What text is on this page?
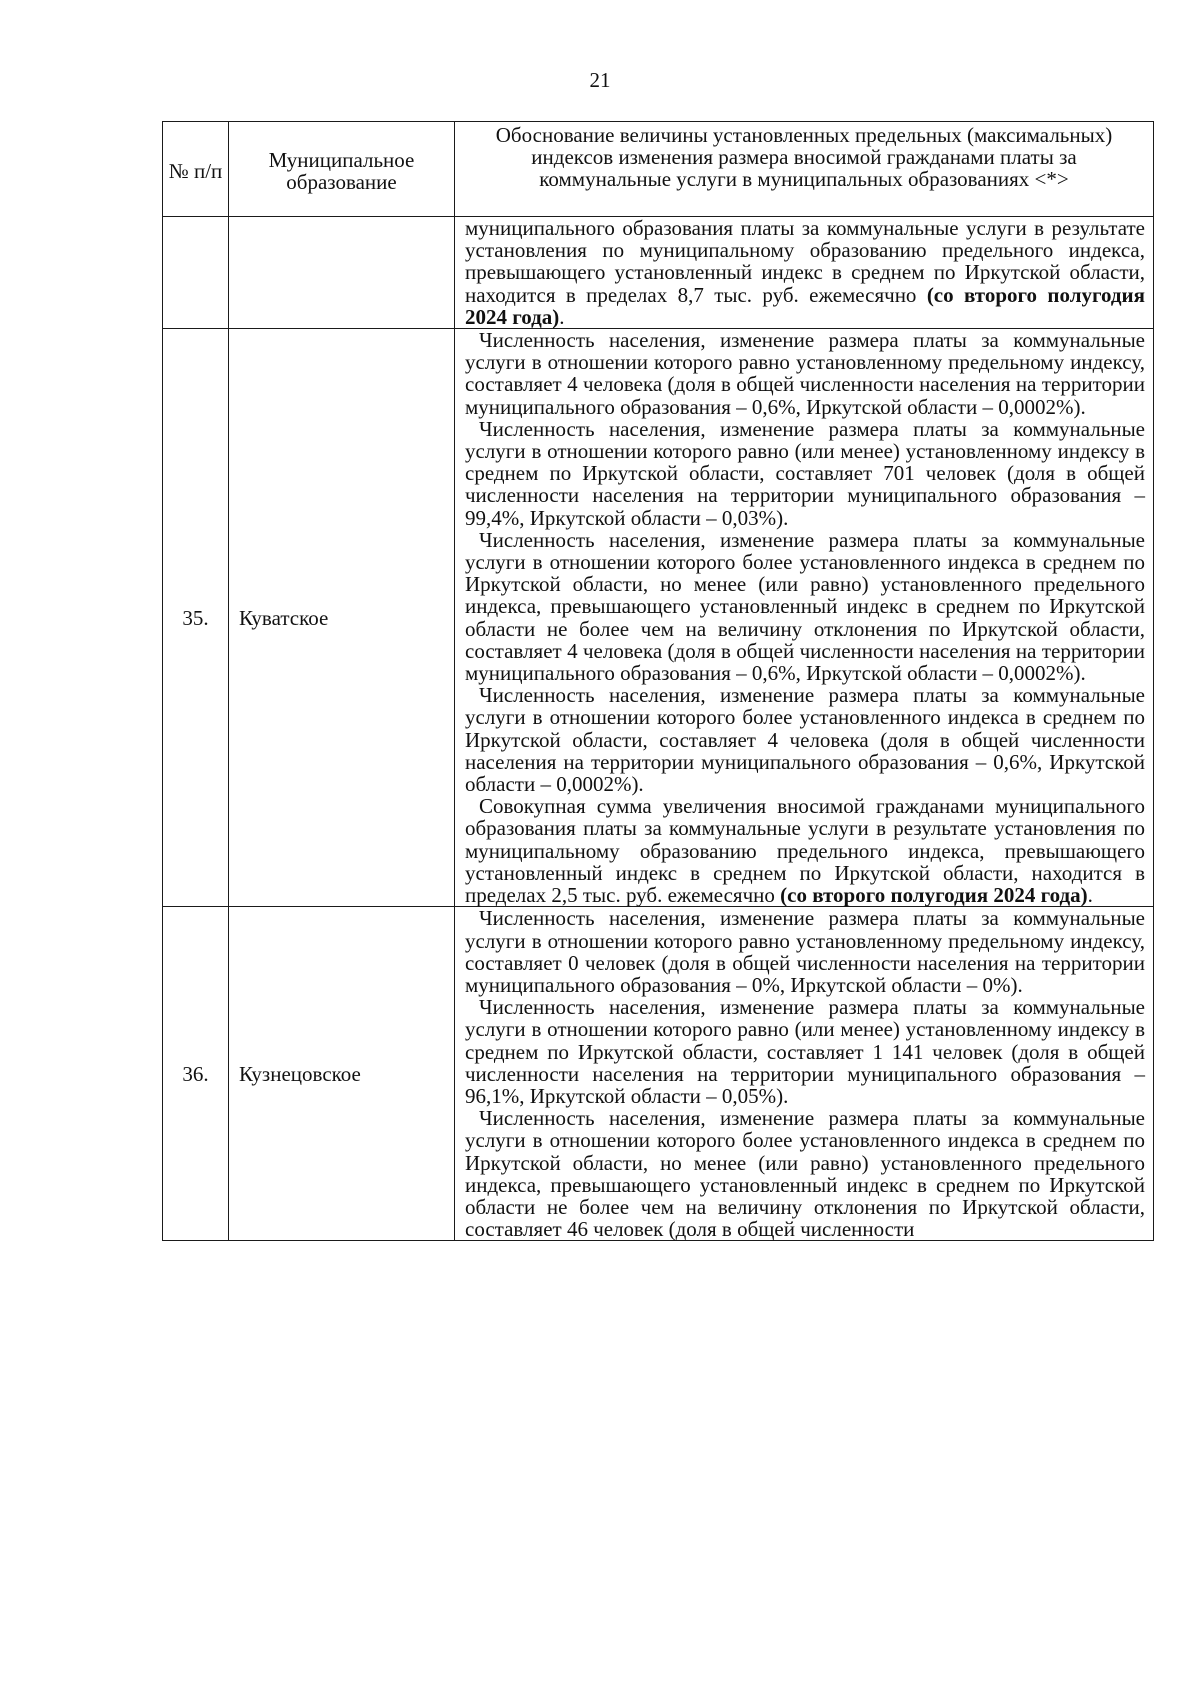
21
№ п/п	Муниципальное образование	Обоснование величины установленных предельных (максимальных) индексов изменения размера вносимой гражданами платы за коммунальные услуги в муниципальных образованиях <*>

		муниципального образования платы за коммунальные услуги в результате установления по муниципальному образованию предельного индекса, превышающего установленный индекс в среднем по Иркутской области, находится в пределах 8,7 тыс. руб. ежемесячно (со второго полугодия 2024 года).

35.	Куватское	Численность населения, изменение размера платы за коммунальные услуги в отношении которого равно установленному предельному индексу, составляет 4 человека (доля в общей численности населения на территории муниципального образования – 0,6%, Иркутской области – 0,0002%).

Численность населения, изменение размера платы за коммунальные услуги в отношении которого равно (или менее) установленному индексу в среднем по Иркутской области, составляет 701 человек (доля в общей численности населения на территории муниципального образования – 99,4%, Иркутской области – 0,03%).

Численность населения, изменение размера платы за коммунальные услуги в отношении которого более установленного индекса в среднем по Иркутской области, но менее (или равно) установленного предельного индекса, превышающего установленный индекс в среднем по Иркутской области не более чем на величину отклонения по Иркутской области, составляет 4 человека (доля в общей численности населения на территории муниципального образования – 0,6%, Иркутской области – 0,0002%).

Численность населения, изменение размера платы за коммунальные услуги в отношении которого более установленного индекса в среднем по Иркутской области, составляет 4 человека (доля в общей численности населения на территории муниципального образования – 0,6%, Иркутской области – 0,0002%).

Совокупная сумма увеличения вносимой гражданами муниципального образования платы за коммунальные услуги в результате установления по муниципальному образованию предельного индекса, превышающего установленный индекс в среднем по Иркутской области, находится в пределах 2,5 тыс. руб. ежемесячно (со второго полугодия 2024 года).

36.	Кузнецовское	Численность населения, изменение размера платы за коммунальные услуги в отношении которого равно установленному предельному индексу, составляет 0 человек (доля в общей численности населения на территории муниципального образования – 0%, Иркутской области – 0%).

Численность населения, изменение размера платы за коммунальные услуги в отношении которого равно (или менее) установленному индексу в среднем по Иркутской области, составляет 1 141 человек (доля в общей численности населения на территории муниципального образования – 96,1%, Иркутской области – 0,05%).

Численность населения, изменение размера платы за коммунальные услуги в отношении которого более установленного индекса в среднем по Иркутской области, но менее (или равно) установленного предельного индекса, превышающего установленный индекс в среднем по Иркутской области не более чем на величину отклонения по Иркутской области, составляет 46 человек (доля в общей численности
